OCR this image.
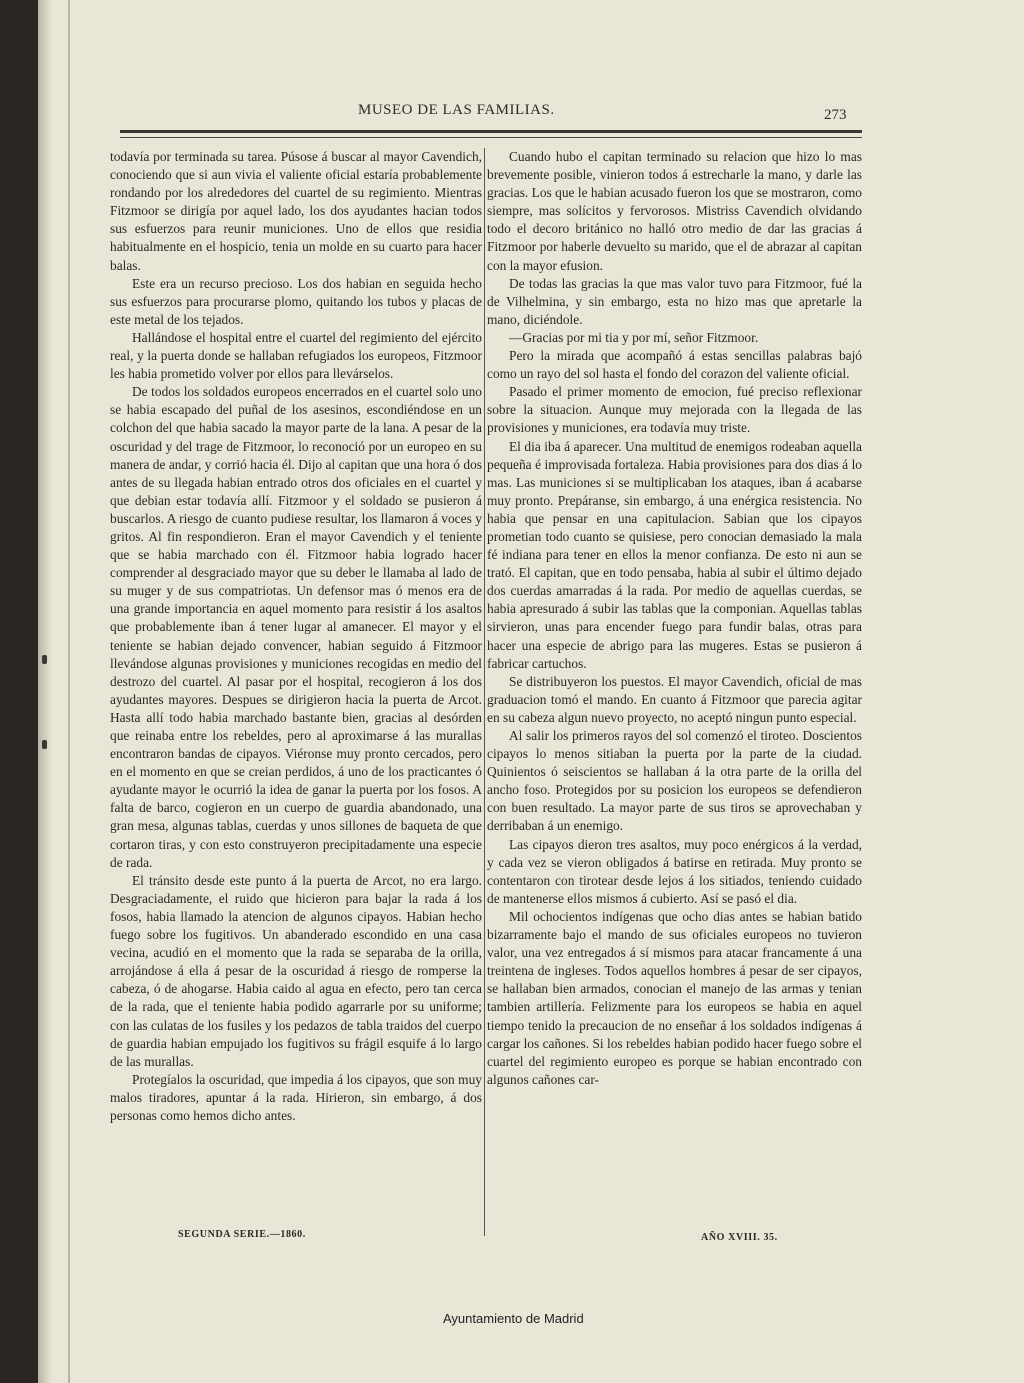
MUSEO DE LAS FAMILIAS.	273

todavía por terminada su tarea. Púsose á buscar al mayor Cavendich, conociendo que si aun vivia el valiente oficial estaría probablemente rondando por los alrededores del cuartel de su regimiento. Mientras Fitzmoor se dirigía por aquel lado, los dos ayudantes hacian todos sus esfuerzos para reunir municiones. Uno de ellos que residia habitualmente en el hospicio, tenia un molde en su cuarto para hacer balas.

Este era un recurso precioso. Los dos habian en seguida hecho sus esfuerzos para procurarse plomo, quitando los tubos y placas de este metal de los tejados.

Hallándose el hospital entre el cuartel del regimiento del ejército real, y la puerta donde se hallaban refugiados los europeos, Fitzmoor les habia prometido volver por ellos para llevárselos.

De todos los soldados europeos encerrados en el cuartel solo uno se habia escapado del puñal de los asesinos, escondiéndose en un colchon del que habia sacado la mayor parte de la lana. A pesar de la oscuridad y del trage de Fitzmoor, lo reconoció por un europeo en su manera de andar, y corrió hacia él. Dijo al capitan que una hora ó dos antes de su llegada habian entrado otros dos oficiales en el cuartel y que debian estar todavía allí. Fitzmoor y el soldado se pusieron á buscarlos. A riesgo de cuanto pudiese resultar, los llamaron á voces y gritos. Al fin respondieron. Eran el mayor Cavendich y el teniente que se habia marchado con él. Fitzmoor habia logrado hacer comprender al desgraciado mayor que su deber le llamaba al lado de su muger y de sus compatriotas. Un defensor mas ó menos era de una grande importancia en aquel momento para resistir á los asaltos que probablemente iban á tener lugar al amanecer. El mayor y el teniente se habian dejado convencer, habian seguido á Fitzmoor llevándose algunas provisiones y municiones recogidas en medio del destrozo del cuartel. Al pasar por el hospital, recogieron á los dos ayudantes mayores. Despues se dirigieron hacia la puerta de Arcot. Hasta allí todo habia marchado bastante bien, gracias al desórden que reinaba entre los rebeldes, pero al aproximarse á las murallas encontraron bandas de cipayos. Viéronse muy pronto cercados, pero en el momento en que se creian perdidos, á uno de los practicantes ó ayudante mayor le ocurrió la idea de ganar la puerta por los fosos. A falta de barco, cogieron en un cuerpo de guardia abandonado, una gran mesa, algunas tablas, cuerdas y unos sillones de baqueta de que cortaron tiras, y con esto construyeron precipitadamente una especie de rada.

El tránsito desde este punto á la puerta de Arcot, no era largo. Desgraciadamente, el ruido que hicieron para bajar la rada á los fosos, habia llamado la atencion de algunos cipayos. Habian hecho fuego sobre los fugitivos. Un abanderado escondido en una casa vecina, acudió en el momento que la rada se separaba de la orilla, arrojándose á ella á pesar de la oscuridad á riesgo de romperse la cabeza, ó de ahogarse. Habia caido al agua en efecto, pero tan cerca de la rada, que el teniente habia podido agarrarle por su uniforme; con las culatas de los fusiles y los pedazos de tabla traidos del cuerpo de guardia habian empujado los fugitivos su frágil esquife á lo largo de las murallas.

Protegíalos la oscuridad, que impedia á los cipayos, que son muy malos tiradores, apuntar á la rada. Hirieron, sin embargo, á dos personas como hemos dicho antes.

Cuando hubo el capitan terminado su relacion que hizo lo mas brevemente posible, vinieron todos á estrecharle la mano, y darle las gracias. Los que le habian acusado fueron los que se mostraron, como siempre, mas solícitos y fervorosos. Mistriss Cavendich olvidando todo el decoro británico no halló otro medio de dar las gracias á Fitzmoor por haberle devuelto su marido, que el de abrazar al capitan con la mayor efusion.

De todas las gracias la que mas valor tuvo para Fitzmoor, fué la de Vilhelmina, y sin embargo, esta no hizo mas que apretarle la mano, diciéndole.

—Gracias por mi tia y por mí, señor Fitzmoor.

Pero la mirada que acompañó á estas sencillas palabras bajó como un rayo del sol hasta el fondo del corazon del valiente oficial.

Pasado el primer momento de emocion, fué preciso reflexionar sobre la situacion. Aunque muy mejorada con la llegada de las provisiones y municiones, era todavía muy triste.

El dia iba á aparecer. Una multitud de enemigos rodeaban aquella pequeña é improvisada fortaleza. Habia provisiones para dos dias á lo mas. Las municiones si se multiplicaban los ataques, iban á acabarse muy pronto. Prepáranse, sin embargo, á una enérgica resistencia. No habia que pensar en una capitulacion. Sabian que los cipayos prometian todo cuanto se quisiese, pero conocian demasiado la mala fé indiana para tener en ellos la menor confianza. De esto ni aun se trató. El capitan, que en todo pensaba, habia al subir el último dejado dos cuerdas amarradas á la rada. Por medio de aquellas cuerdas, se habia apresurado á subir las tablas que la componian. Aquellas tablas sirvieron, unas para encender fuego para fundir balas, otras para hacer una especie de abrigo para las mugeres. Estas se pusieron á fabricar cartuchos.

Se distribuyeron los puestos. El mayor Cavendich, oficial de mas graduacion tomó el mando. En cuanto á Fitzmoor que parecia agitar en su cabeza algun nuevo proyecto, no aceptó ningun punto especial.

Al salir los primeros rayos del sol comenzó el tiroteo. Doscientos cipayos lo menos sitiaban la puerta por la parte de la ciudad. Quinientos ó seiscientos se hallaban á la otra parte de la orilla del ancho foso. Protegidos por su posicion los europeos se defendieron con buen resultado. La mayor parte de sus tiros se aprovechaban y derribaban á un enemigo.

Las cipayos dieron tres asaltos, muy poco enérgicos á la verdad, y cada vez se vieron obligados á batirse en retirada. Muy pronto se contentaron con tirotear desde lejos á los sitiados, teniendo cuidado de mantenerse ellos mismos á cubierto. Así se pasó el dia.

Mil ochocientos indígenas que ocho dias antes se habian batido bizarramente bajo el mando de sus oficiales europeos no tuvieron valor, una vez entregados á sí mismos para atacar francamente á una treintena de ingleses. Todos aquellos hombres á pesar de ser cipayos, se hallaban bien armados, conocian el manejo de las armas y tenian tambien artillería. Felizmente para los europeos se habia en aquel tiempo tenido la precaucion de no enseñar á los soldados indígenas á cargar los cañones. Si los rebeldes habian podido hacer fuego sobre el cuartel del regimiento europeo es porque se habian encontrado con algunos cañones car-

SEGUNDA SERIE.—1860.	AÑO XVIII. 35.
Ayuntamiento de Madrid
